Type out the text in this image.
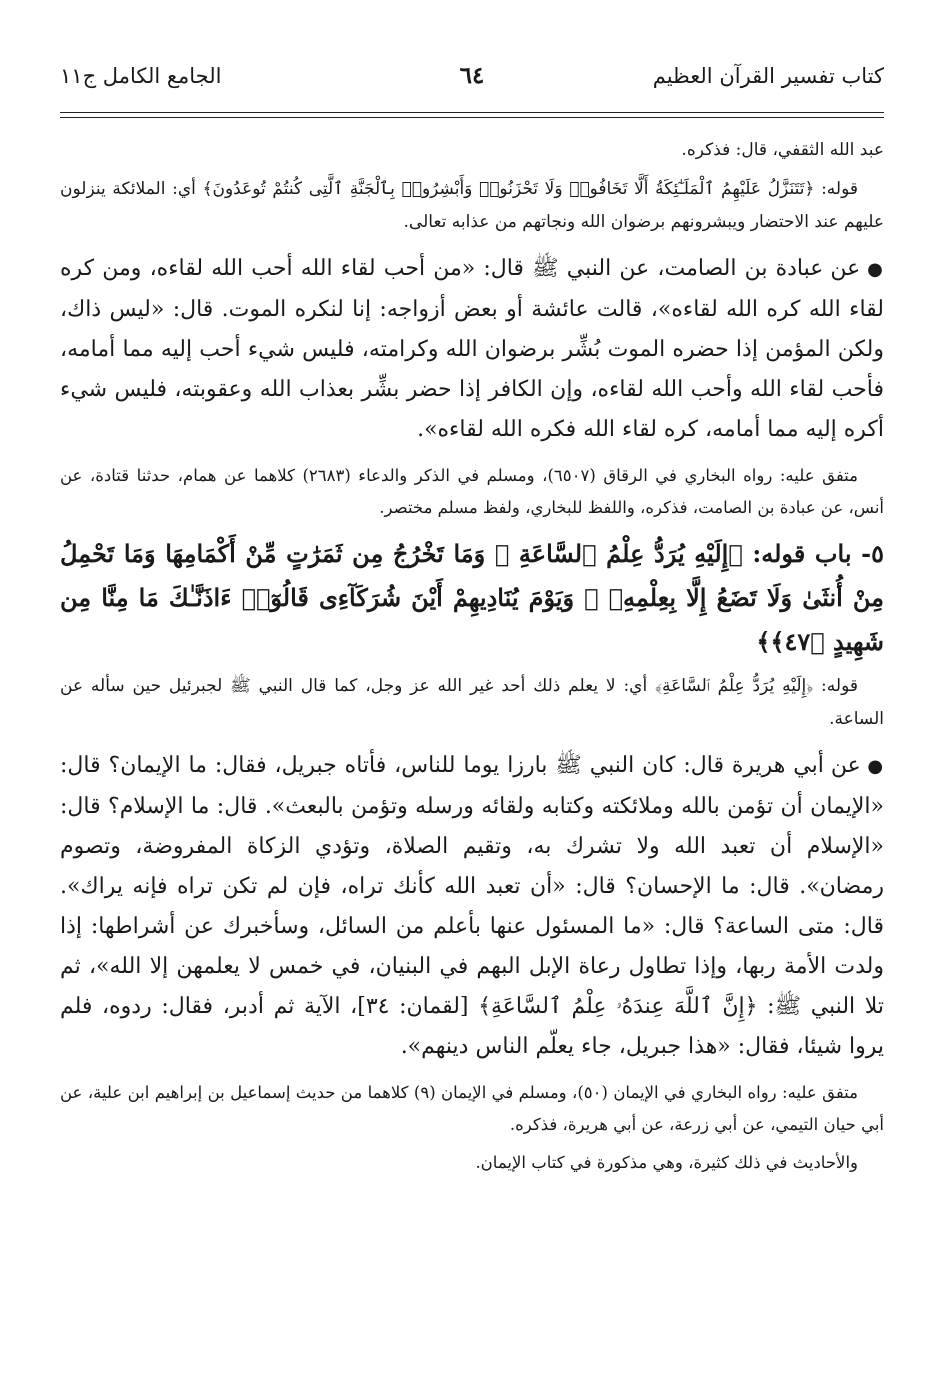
كتاب تفسير القرآن العظيم
٦٤
الجامع الكامل ج١١

عبد الله الثقفي، قال: فذكره.

قوله: ﴿تَتَنَزَّلُ عَلَيْهِمُ ٱلْمَلَـٰٓئِكَةُ أَلَّا تَخَافُوا۟ وَلَا تَحْزَنُوا۟ وَأَبْشِرُوا۟ بِٱلْجَنَّةِ ٱلَّتِى كُنتُمْ تُوعَدُونَ﴾ أي: الملائكة ينزلون عليهم عند الاحتضار ويبشرونهم برضوان الله ونجاتهم من عذابه تعالى.

● عن عبادة بن الصامت، عن النبي ﷺ قال: «من أحب لقاء الله أحب الله لقاءه، ومن كره لقاء الله كره الله لقاءه»، قالت عائشة أو بعض أزواجه: إنا لنكره الموت. قال: «ليس ذاك، ولكن المؤمن إذا حضره الموت بُشِّر برضوان الله وكرامته، فليس شيء أحب إليه مما أمامه، فأحب لقاء الله وأحب الله لقاءه، وإن الكافر إذا حضر بشِّر بعذاب الله وعقوبته، فليس شيء أكره إليه مما أمامه، كره لقاء الله فكره الله لقاءه».

متفق عليه: رواه البخاري في الرقاق (٦٥٠٧)، ومسلم في الذكر والدعاء (٢٦٨٣) كلاهما عن همام، حدثنا قتادة، عن أنس، عن عبادة بن الصامت، فذكره، واللفظ للبخاري، ولفظ مسلم مختصر.

٥- باب قوله: ﴿إِلَيْهِ يُرَدُّ عِلْمُ ٱلسَّاعَةِ ۚ وَمَا تَخْرُجُ مِن ثَمَرَٰتٍ مِّنْ أَكْمَامِهَا وَمَا تَحْمِلُ مِنْ أُنثَىٰ وَلَا تَضَعُ إِلَّا بِعِلْمِهِۦ ۚ وَيَوْمَ يُنَادِيهِمْ أَيْنَ شُرَكَآءِى قَالُوٓا۟ ءَاذَنَّـٰكَ مَا مِنَّا مِن شَهِيدٍ ﴿٤٧﴾﴾

قوله: ﴿إِلَيْهِ يُرَدُّ عِلْمُ ٱلسَّاعَةِ﴾ أي: لا يعلم ذلك أحد غير الله عز وجل، كما قال النبي ﷺ لجبرئيل حين سأله عن الساعة.

● عن أبي هريرة قال: كان النبي ﷺ بارزا يوما للناس، فأتاه جبريل، فقال: ما الإيمان؟ قال: «الإيمان أن تؤمن بالله وملائكته وكتابه ولقائه ورسله وتؤمن بالبعث». قال: ما الإسلام؟ قال: «الإسلام أن تعبد الله ولا تشرك به، وتقيم الصلاة، وتؤدي الزكاة المفروضة، وتصوم رمضان». قال: ما الإحسان؟ قال: «أن تعبد الله كأنك تراه، فإن لم تكن تراه فإنه يراك». قال: متى الساعة؟ قال: «ما المسئول عنها بأعلم من السائل، وسأخبرك عن أشراطها: إذا ولدت الأمة ربها، وإذا تطاول رعاة الإبل البهم في البنيان، في خمس لا يعلمهن إلا الله»، ثم تلا النبي ﷺ: ﴿إِنَّ ٱللَّهَ عِندَهُۥ عِلْمُ ٱلسَّاعَةِ﴾ [لقمان: ٣٤]، الآية ثم أدبر، فقال: ردوه، فلم يروا شيئا، فقال: «هذا جبريل، جاء يعلّم الناس دينهم».

متفق عليه: رواه البخاري في الإيمان (٥٠)، ومسلم في الإيمان (٩) كلاهما من حديث إسماعيل بن إبراهيم ابن علية، عن أبي حيان التيمي، عن أبي زرعة، عن أبي هريرة، فذكره.

والأحاديث في ذلك كثيرة، وهي مذكورة في كتاب الإيمان.
